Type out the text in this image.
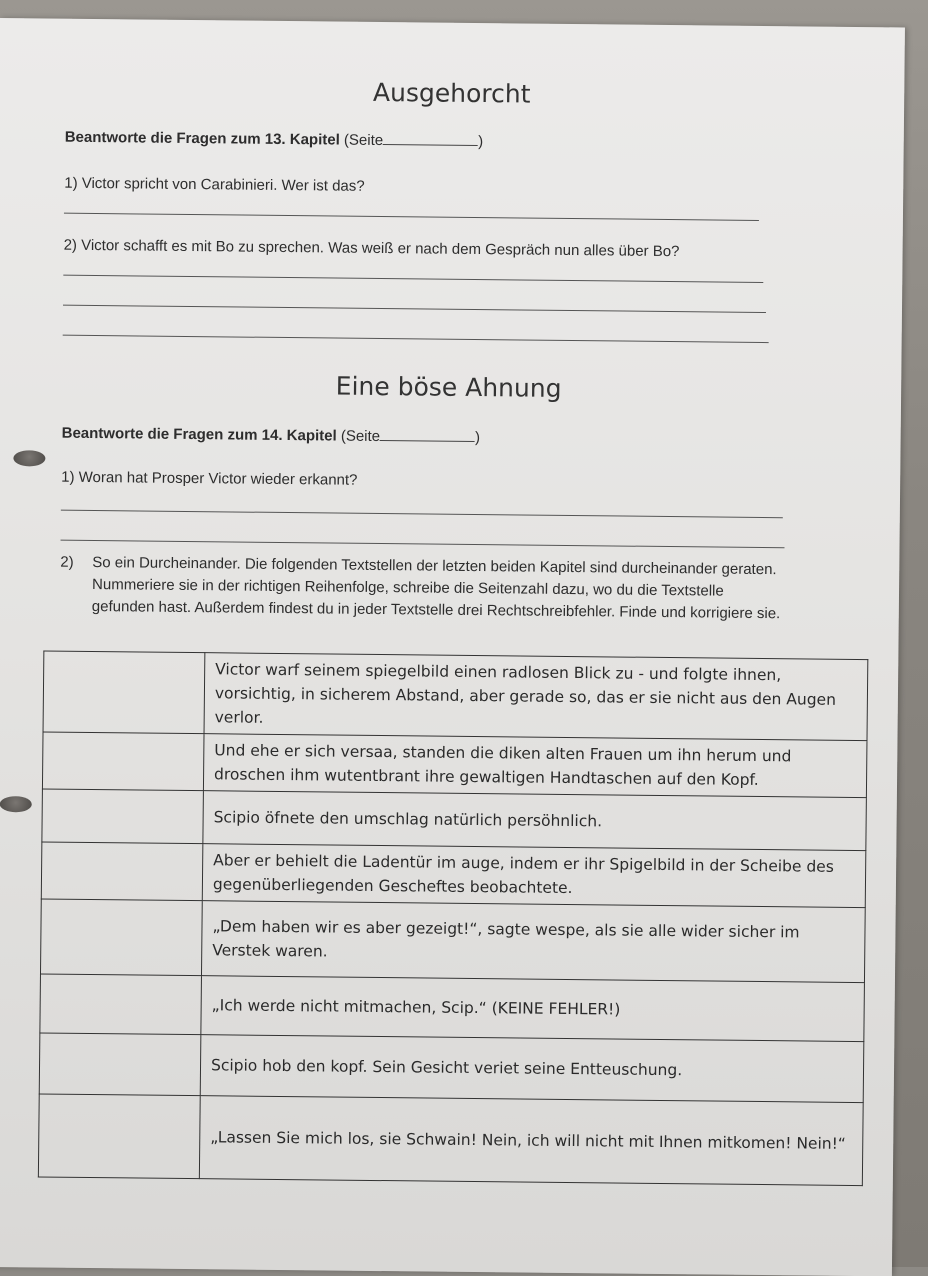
Ausgehorcht
Beantworte die Fragen zum 13. Kapitel (Seite	)
1) Victor spricht von Carabinieri. Wer ist das?
2) Victor schafft es mit Bo zu sprechen. Was weiß er nach dem Gespräch nun alles über Bo?
Eine böse Ahnung
Beantworte die Fragen zum 14. Kapitel (Seite	)
1) Woran hat Prosper Victor wieder erkannt?
2) So ein Durcheinander. Die folgenden Textstellen der letzten beiden Kapitel sind durcheinander geraten. Nummeriere sie in der richtigen Reihenfolge, schreibe die Seitenzahl dazu, wo du die Textstelle gefunden hast. Außerdem findest du in jeder Textstelle drei Rechtschreibfehler. Finde und korrigiere sie.
	Victor warf seinem spiegelbild einen radlosen Blick zu - und folgte ihnen, vorsichtig, in sicherem Abstand, aber gerade so, das er sie nicht aus den Augen verlor.
	Und ehe er sich versaa, standen die diken alten Frauen um ihn herum und droschen ihm wutentbrant ihre gewaltigen Handtaschen auf den Kopf.
	Scipio öfnete den umschlag natürlich persöhnlich.
	Aber er behielt die Ladentür im auge, indem er ihr Spigelbild in der Scheibe des gegenüberliegenden Gescheftes beobachtete.
	„Dem haben wir es aber gezeigt!“, sagte wespe, als sie alle wider sicher im Verstek waren.
	„Ich werde nicht mitmachen, Scip.“ (KEINE FEHLER!)
	Scipio hob den kopf. Sein Gesicht veriet seine Entteuschung.
	„Lassen Sie mich los, sie Schwain! Nein, ich will nicht mit Ihnen mitkomen! Nein!“
